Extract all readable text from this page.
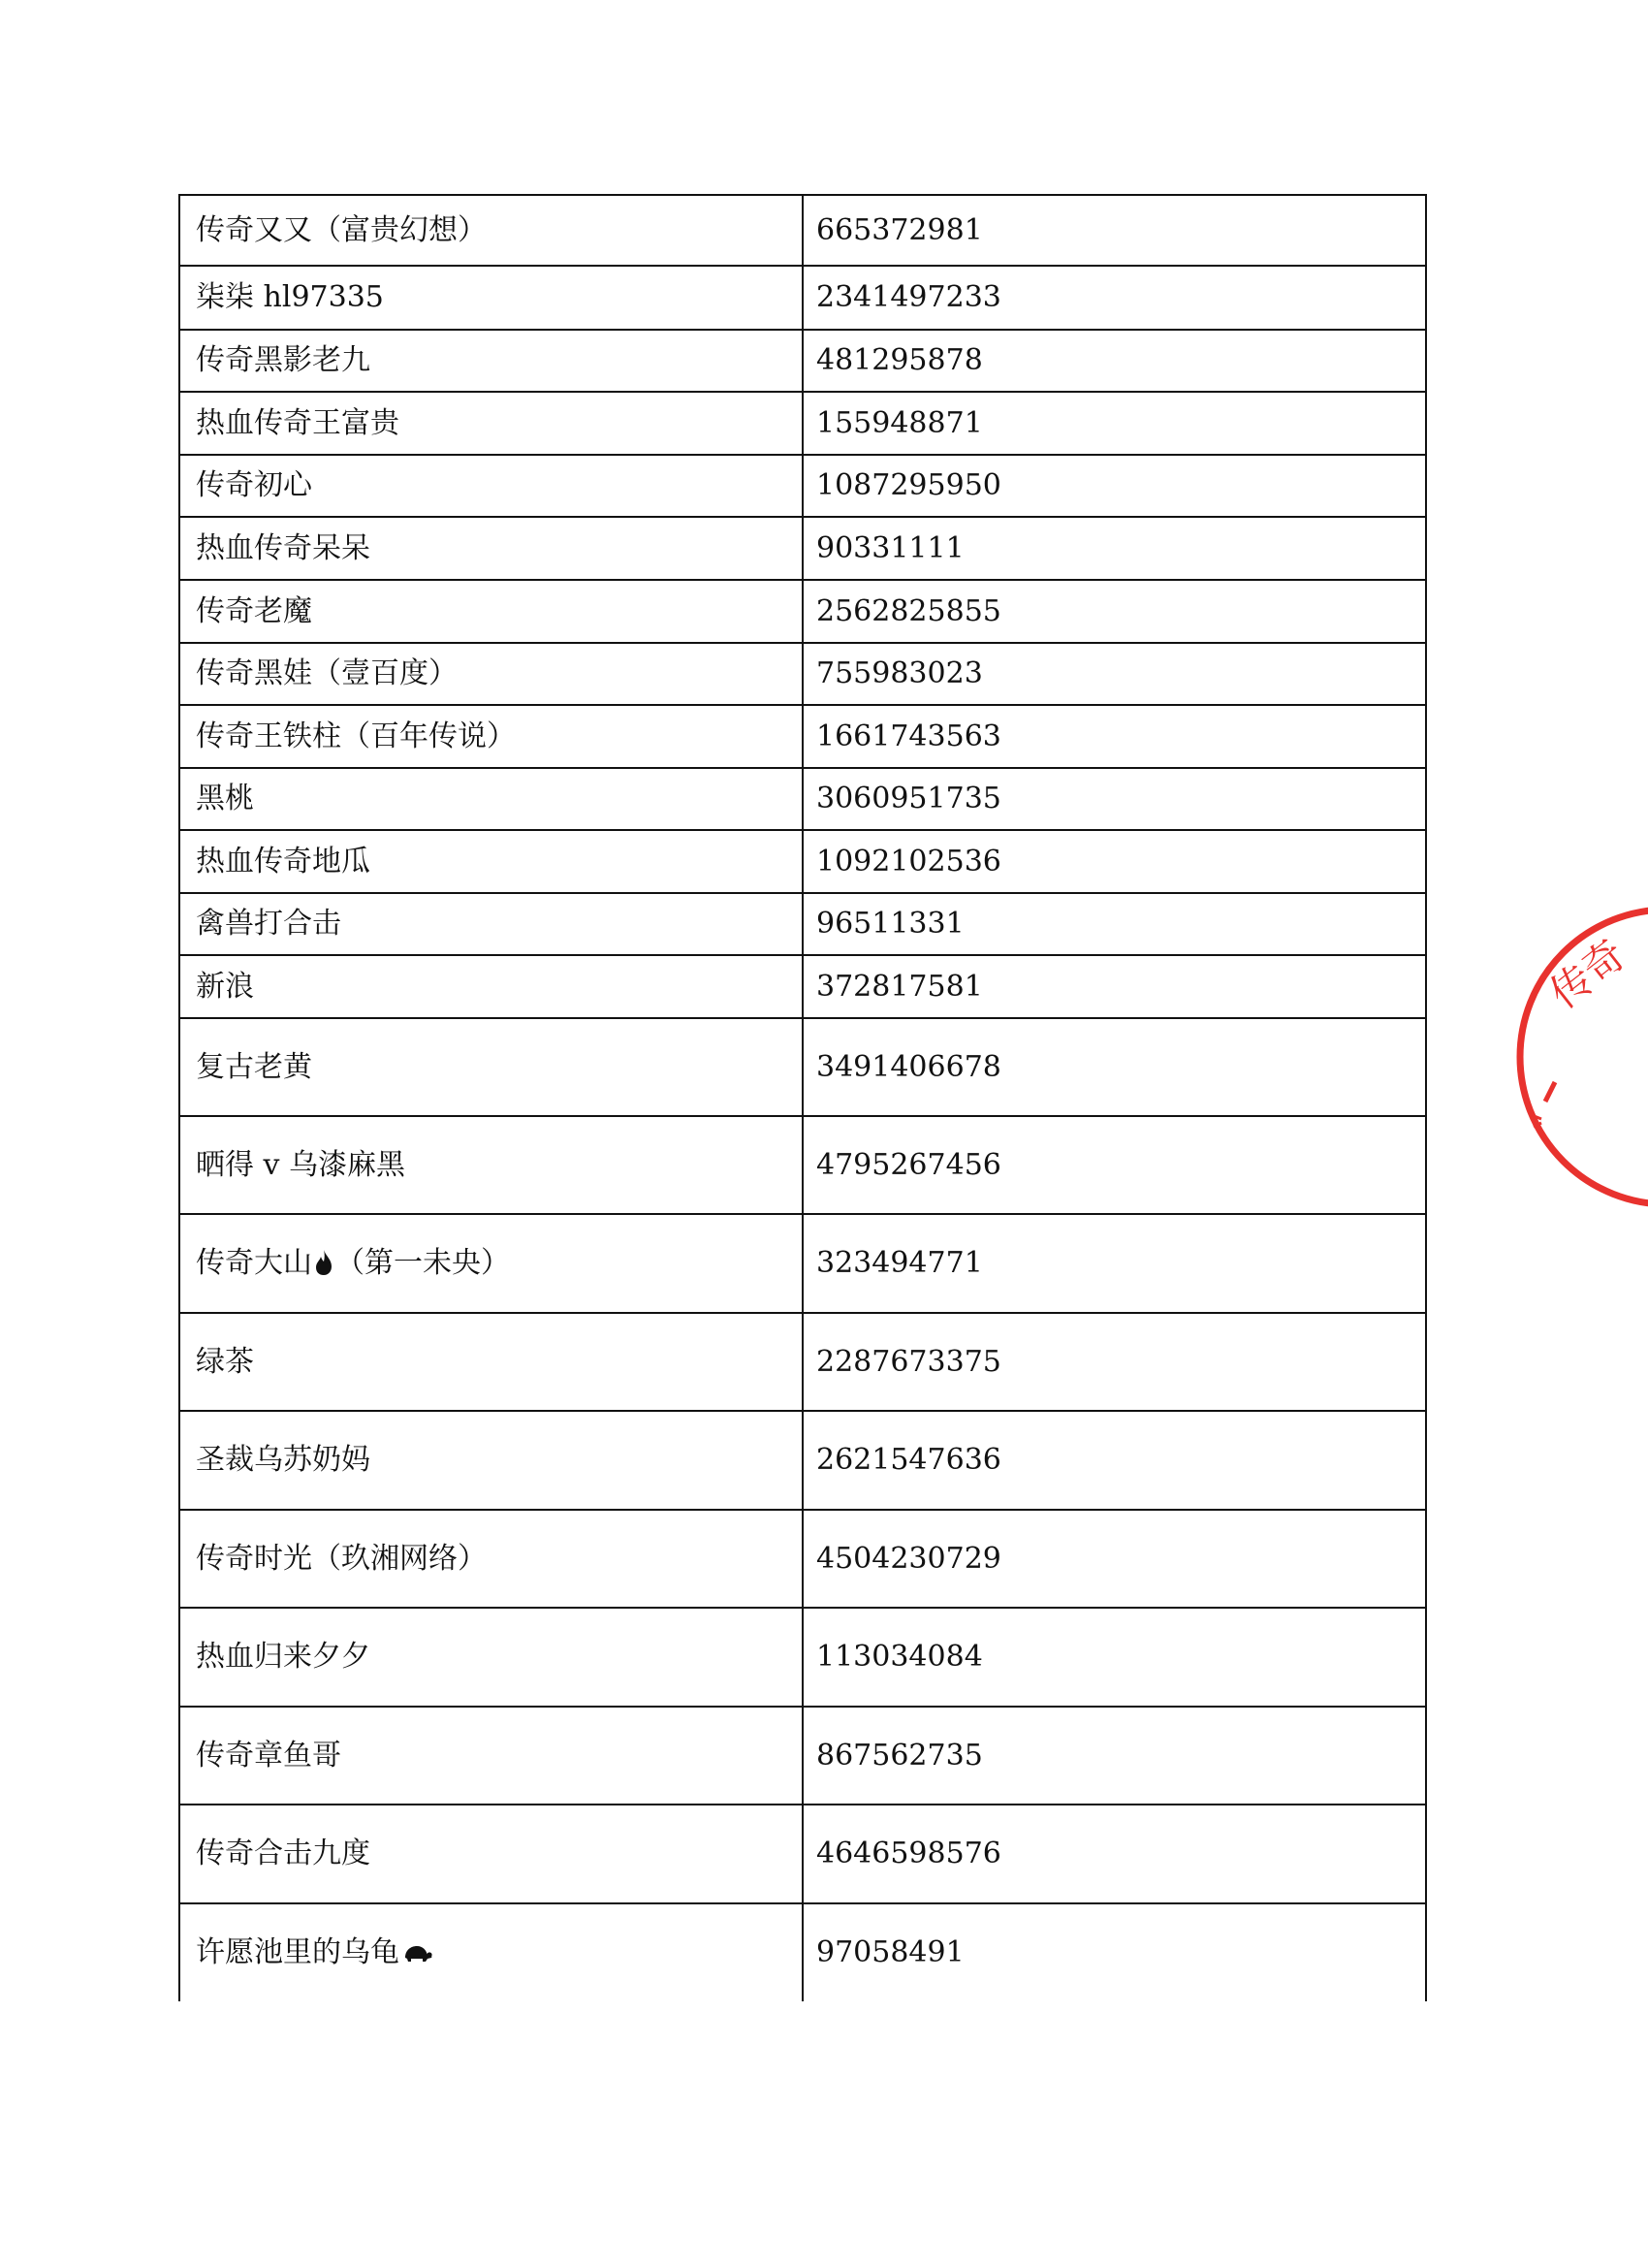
传奇又又（富贵幻想）	665372981
柒柒 hl97335	2341497233
传奇黑影老九	481295878
热血传奇王富贵	155948871
传奇初心	1087295950
热血传奇呆呆	90331111
传奇老魔	2562825855
传奇黑娃（壹百度）	755983023
传奇王铁柱（百年传说）	1661743563
黑桃	3060951735
热血传奇地瓜	1092102536
禽兽打合击	96511331
新浪	372817581
复古老黄	3491406678
晒得 v 乌漆麻黑	4795267456
传奇大山 （第一未央）	323494771
绿茶	2287673375
圣裁乌苏奶妈	2621547636
传奇时光（玖湘网络）	4504230729
热血归来夕夕	113034084
传奇章鱼哥	867562735
传奇合击九度	4646598576
许愿池里的乌龟	97058491
传奇
